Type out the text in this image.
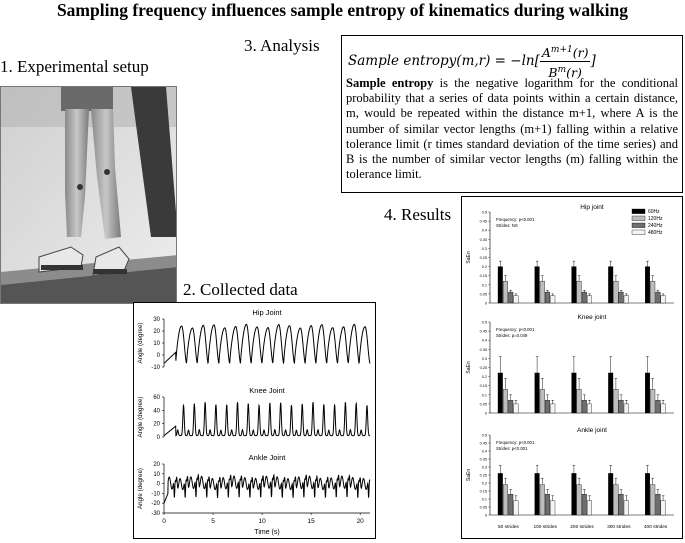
Sampling frequency influences sample entropy of kinematics during walking
1. Experimental setup
3. Analysis
2. Collected data
4. Results
Sample entropy(m,r) = $-\ln[ \frac{A^{m+1}(r)}{B^m(r)}$ ]
Sample entropy is the negative logarithm for the conditional probability that a series of data points within a certain distance, m, would be repeated within the distance m+1, where A is the number of similar vector lengths (m+1) falling within a relative tolerance limit (r times standard deviation of the time series) and B is the number of similar vector lengths (m) falling within the tolerance limit.
Hip Joint
-10
0
10
20
30
Angle (degree)
Knee Joint
0
20
40
60
Angle (degree)
Ankle Joint
-30
-20
-10
0
10
20
Angle (degree)
0	5	10	15	20
Time (s)
Hip joint
0
0.05
0.1
0.15
0.2
0.25
0.3
0.35
0.4
0.45
0.5
SaEn
Frequency: p<0.001
Strides: NS
Knee joint
0
0.05
0.1
0.15
0.2
0.25
0.3
0.35
0.4
0.45
0.5
SaEn
Frequency: p<0.001
Strides: p=0.049
Ankle joint
0
0.05
0.1
0.15
0.2
0.25
0.3
0.35
0.4
0.45
0.5
SaEn
Frequency: p<0.001
Strides: p<0.001
50 strides	100 strides	200 strides	300 strides	400 strides
60Hz
120Hz
240Hz
480Hz
